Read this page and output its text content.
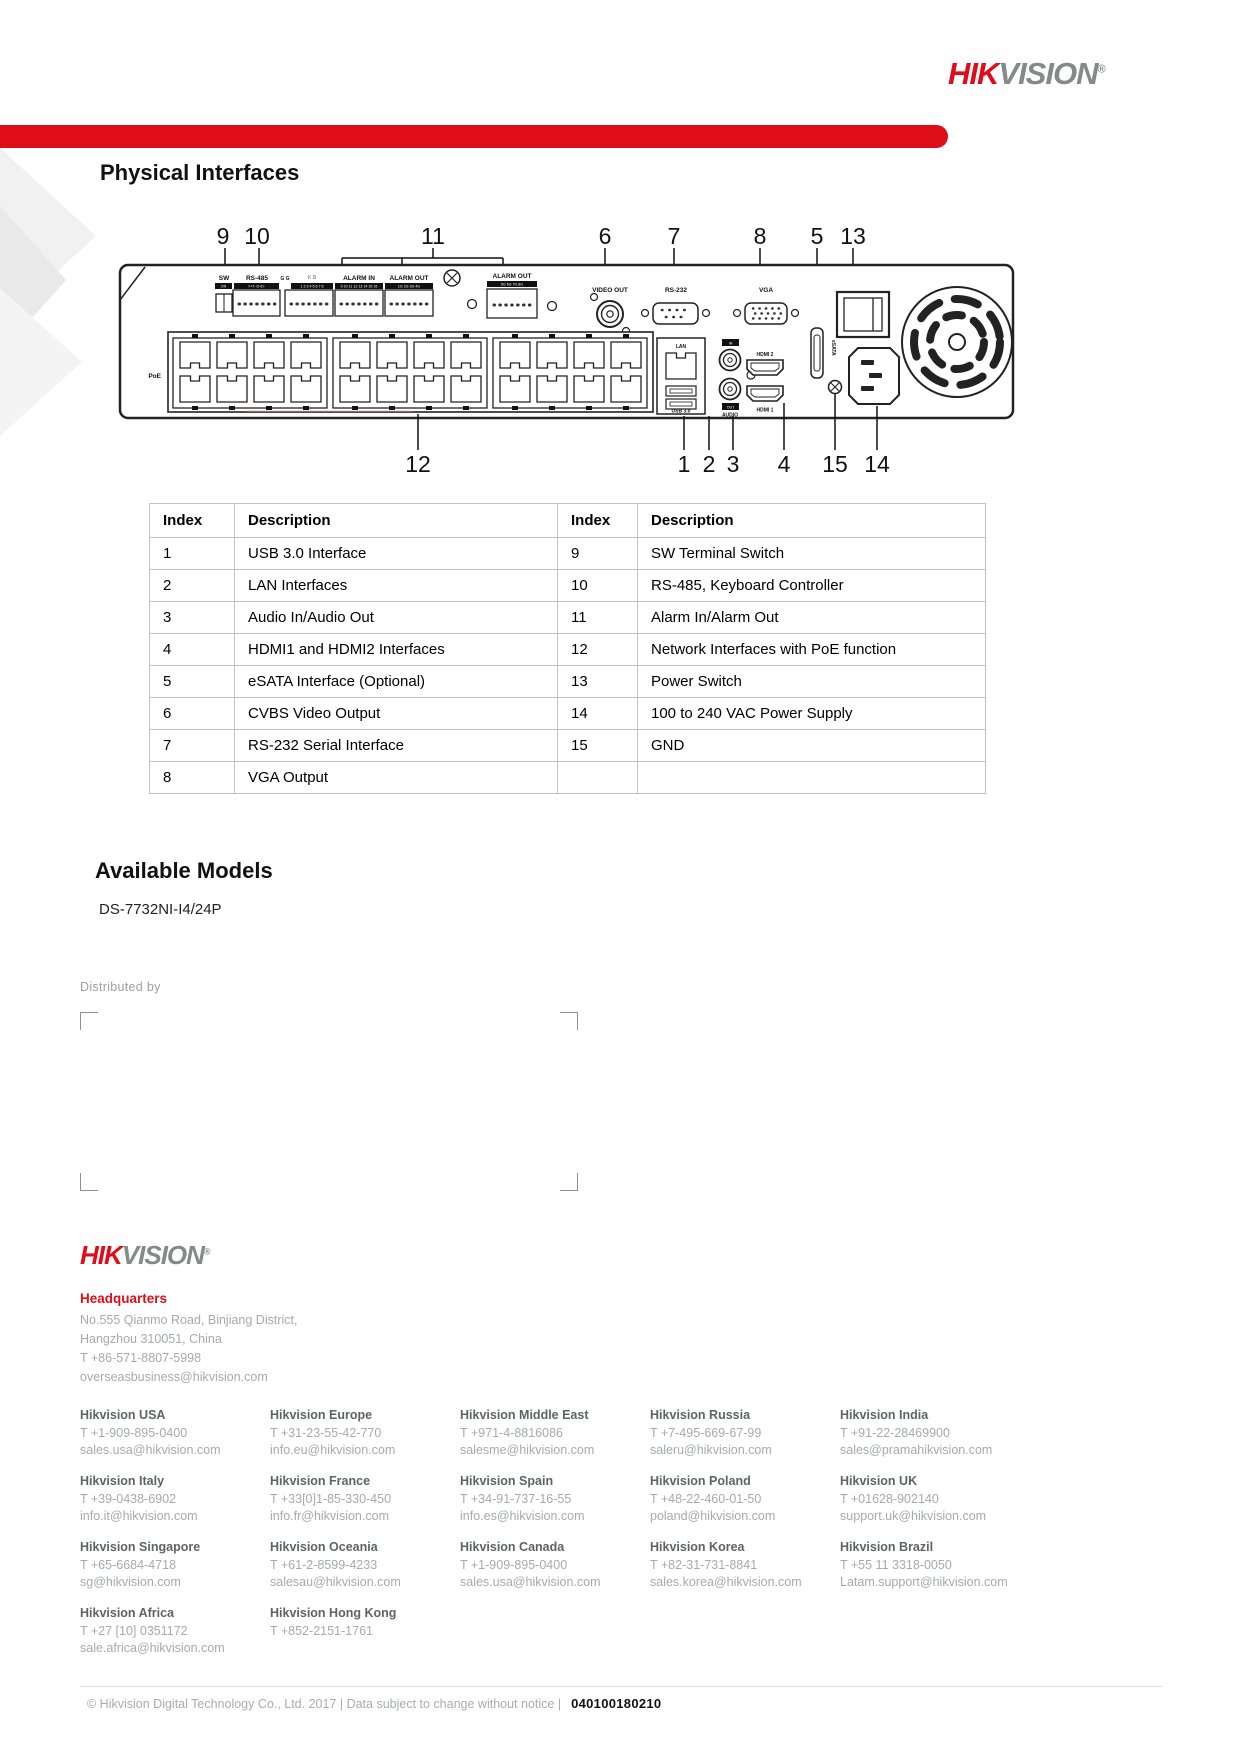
HIKVISION®
Physical Interfaces
9 10	11	6 7	8 5 13
SW	RS-485 G G	K B	ALARM IN ALARM OUT	ALARM OUT
ON	T+T- D+D-	1 2 3 4 5 6 7 8	9 10 11 12 13 14 15 16	1G 2G 3G 4G	5G 6G 7G 8G
VIDEO OUT	RS-232	VGA
eSATA
PoE
LAN
USB 3.0
IN
OUT
AUDIO
HDMI 2
HDMI 1
12	1 2 3 4 15 14
Index	Description	Index	Description
1	USB 3.0 Interface	9	SW Terminal Switch
2	LAN Interfaces	10	RS-485, Keyboard Controller
3	Audio In/Audio Out	11	Alarm In/Alarm Out
4	HDMI1 and HDMI2 Interfaces	12	Network Interfaces with PoE function
5	eSATA Interface (Optional)	13	Power Switch
6	CVBS Video Output	14	100 to 240 VAC Power Supply
7	RS-232 Serial Interface	15	GND
8	VGA Output		
Available Models
DS-7732NI-I4/24P
Distributed by
HIKVISION®
Headquarters
No.555 Qianmo Road, Binjiang District,
Hangzhou 310051, China
T +86-571-8807-5998
overseasbusiness@hikvision.com
Hikvision USA
T +1-909-895-0400
sales.usa@hikvision.com
Hikvision Europe
T +31-23-55-42-770
info.eu@hikvision.com
Hikvision Middle East
T +971-4-8816086
salesme@hikvision.com
Hikvision Russia
T +7-495-669-67-99
saleru@hikvision.com
Hikvision India
T +91-22-28469900
sales@pramahikvision.com
Hikvision Italy
T +39-0438-6902
info.it@hikvision.com
Hikvision France
T +33[0]1-85-330-450
info.fr@hikvision.com
Hikvision Spain
T +34-91-737-16-55
info.es@hikvision.com
Hikvision Poland
T +48-22-460-01-50
poland@hikvision.com
Hikvision UK
T +01628-902140
support.uk@hikvision.com
Hikvision Singapore
T +65-6684-4718
sg@hikvision.com
Hikvision Oceania
T +61-2-8599-4233
salesau@hikvision.com
Hikvision Canada
T +1-909-895-0400
sales.usa@hikvision.com
Hikvision Korea
T +82-31-731-8841
sales.korea@hikvision.com
Hikvision Brazil
T +55 11 3318-0050
Latam.support@hikvision.com
Hikvision Africa
T +27 [10] 0351172
sale.africa@hikvision.com
Hikvision Hong Kong
T +852-2151-1761
© Hikvision Digital Technology Co., Ltd. 2017 | Data subject to change without notice | 040100180210
